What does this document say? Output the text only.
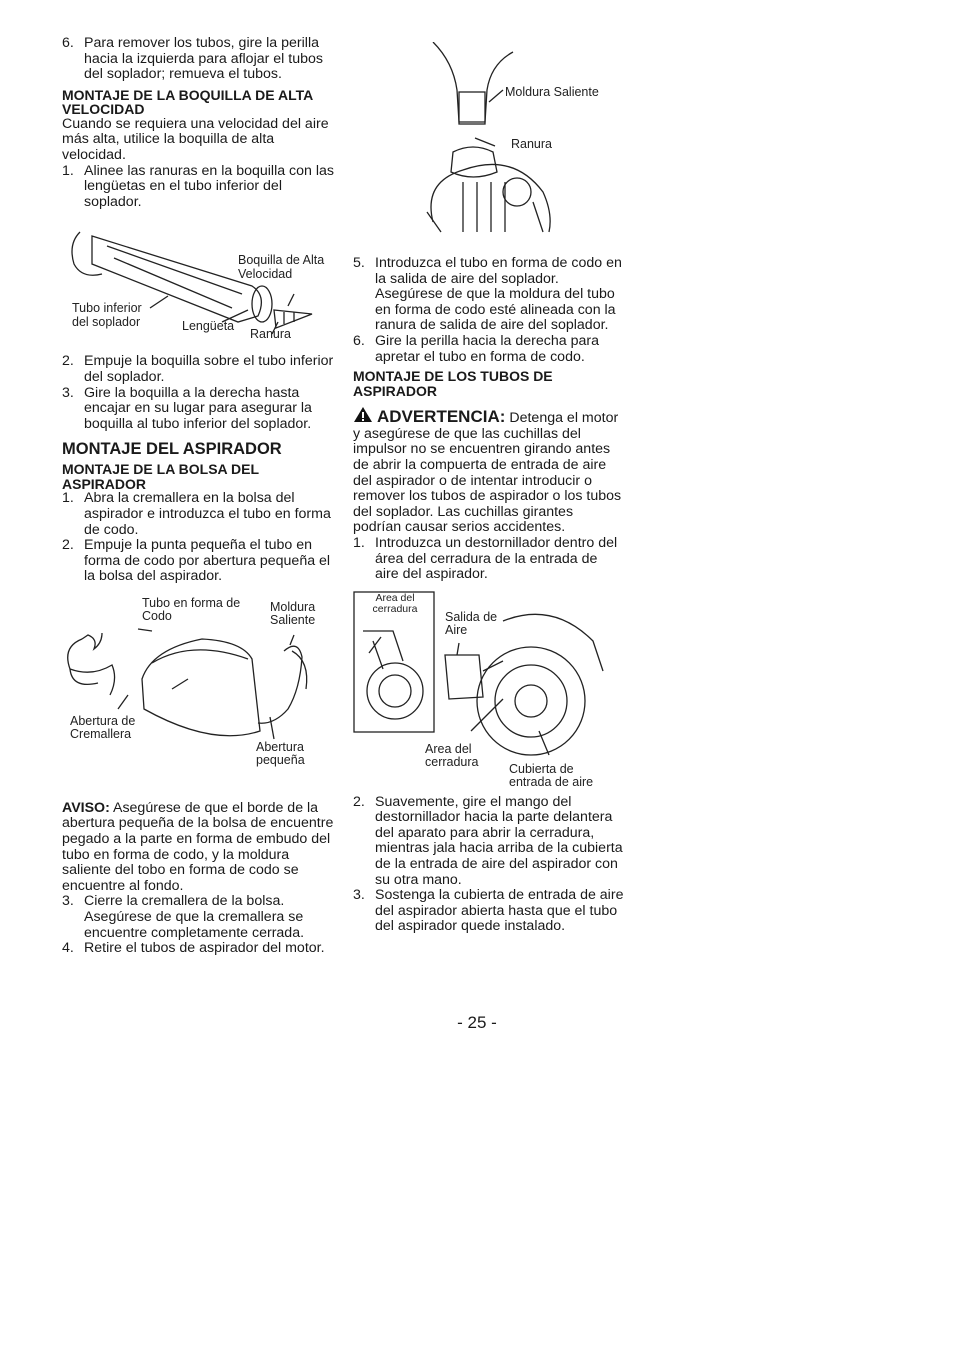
6. Para remover los tubos, gire la perilla hacia la izquierda para aflojar el tubos del soplador; remueva el tubos.
MONTAJE DE LA BOQUILLA DE ALTA VELOCIDAD

Cuando se requiera una velocidad del aire más alta, utilice la boquilla de alta velocidad.

1. Alinee las ranuras en la boquilla con las lengüetas en el tubo inferior del soplador.
Boquilla de Alta Velocidad
Tubo inferior del soplador	Lengüeta
Ranura
2. Empuje la boquilla sobre el tubo inferior del soplador.
3. Gire la boquilla a la derecha hasta encajar en su lugar para asegurar la boquilla al tubo inferior del soplador.
MONTAJE DEL ASPIRADOR
MONTAJE DE LA BOLSA DEL ASPIRADOR
1. Abra la cremallera en la bolsa del aspirador e introduzca el tubo en forma de codo.
2. Empuje la punta pequeña el tubo en forma de codo por abertura pequeña el la bolsa del aspirador.
Tubo en forma de Codo
Moldura Saliente
Abertura de Cremallera
Abertura pequeña

AVISO: Asegúrese de que el borde de la abertura pequeña de la bolsa de encuentre pegado a la parte en forma de embudo del tubo en forma de codo, y la moldura saliente del tobo en forma de codo se encuentre al fondo.

3. Cierre la cremallera de la bolsa. Asegúrese de que la cremallera se encuentre completamente cerrada.
4. Retire el tubos de aspirador del motor.
Moldura Saliente
Ranura
5. Introduzca el tubo en forma de codo en la salida de aire del soplador. Asegúrese de que la moldura del tubo en forma de codo esté alineada con la ranura de salida de aire del soplador.
6. Gire la perilla hacia la derecha para apretar el tubo en forma de codo.
MONTAJE DE LOS TUBOS DE ASPIRADOR

ADVERTENCIA: Detenga el motor y asegúrese de que las cuchillas del impulsor no se encuentren girando antes de abrir la compuerta de entrada de aire del aspirador o de intentar introducir o remover los tubos de aspirador o los tubos del soplador. Las cuchillas girantes podrían causar serios accidentes.

1. Introduzca un destornillador dentro del área del cerradura de la entrada de aire del aspirador.
Area del cerradura
Salida de Aire
Area del cerradura	Cubierta de entrada de aire
2. Suavemente, gire el mango del destornillador hacia la parte delantera del aparato para abrir la cerradura, mientras jala hacia arriba de la cubierta de la entrada de aire del aspirador con su otra mano.
3. Sostenga la cubierta de entrada de aire del aspirador abierta hasta que el tubo del aspirador quede instalado.
- 25 -
